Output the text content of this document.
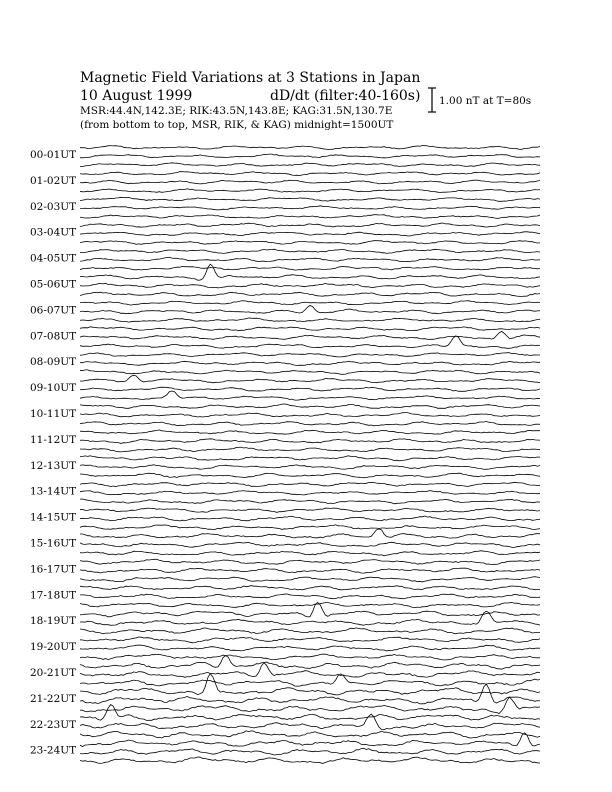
Magnetic Field Variations at 3 Stations in Japan
10 August 1999	dD/dt (filter:40-160s)
MSR:44.4N,142.3E; RIK:43.5N,143.8E; KAG:31.5N,130.7E
(from bottom to top, MSR, RIK, & KAG) midnight=1500UT
1.00 nT at T=80s
00-01UT
01-02UT
02-03UT
03-04UT
04-05UT
05-06UT
06-07UT
07-08UT
08-09UT
09-10UT
10-11UT
11-12UT
12-13UT
13-14UT
14-15UT
15-16UT
16-17UT
17-18UT
18-19UT
19-20UT
20-21UT
21-22UT
22-23UT
23-24UT
